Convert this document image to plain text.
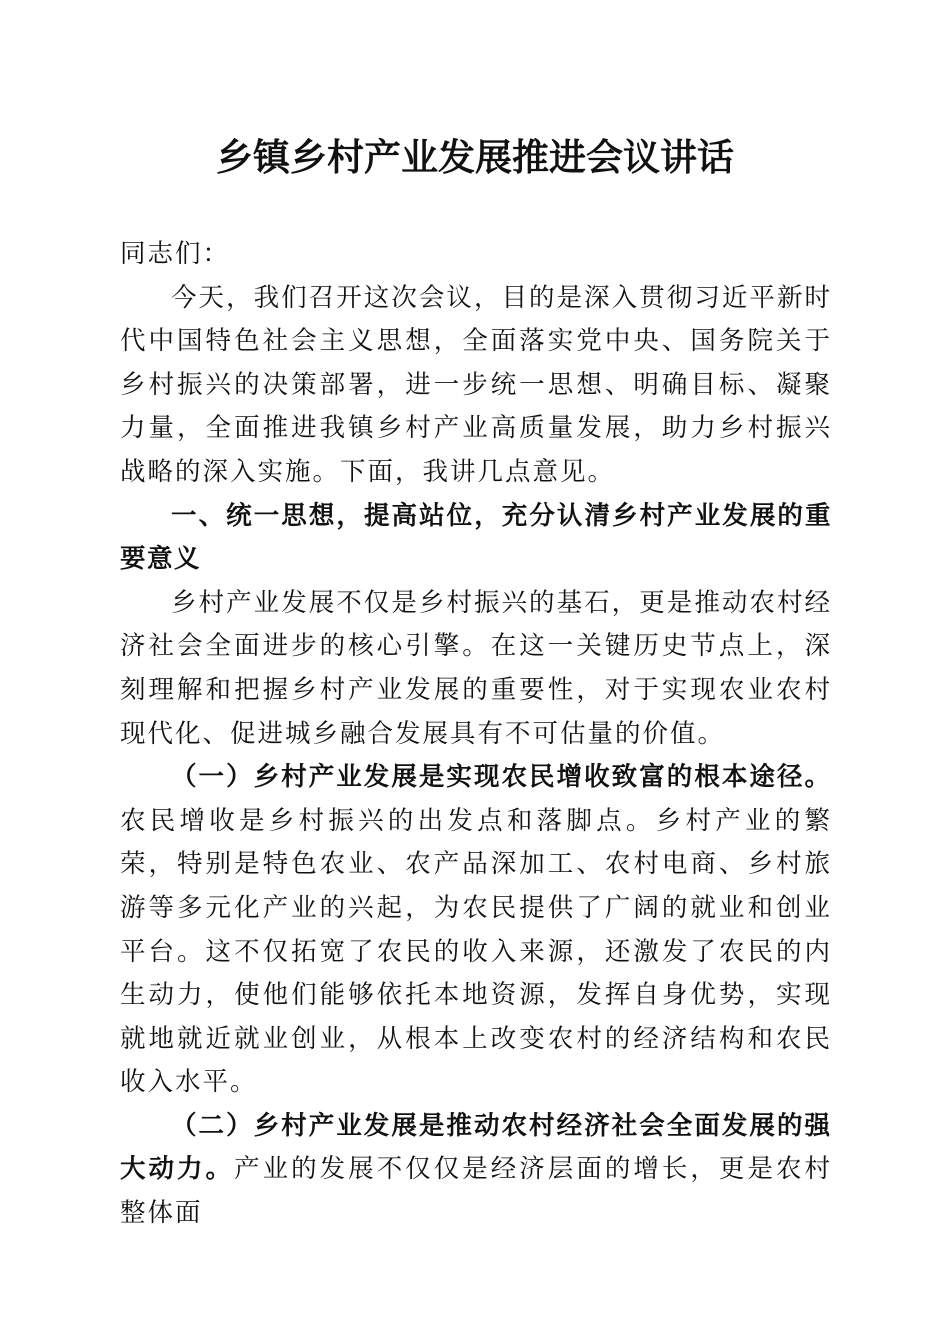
乡镇乡村产业发展推进会议讲话

同志们：

今天，我们召开这次会议，目的是深入贯彻习近平新时代中国特色社会主义思想，全面落实党中央、国务院关于乡村振兴的决策部署，进一步统一思想、明确目标、凝聚力量，全面推进我镇乡村产业高质量发展，助力乡村振兴战略的深入实施。下面，我讲几点意见。

一、统一思想，提高站位，充分认清乡村产业发展的重要意义

乡村产业发展不仅是乡村振兴的基石，更是推动农村经济社会全面进步的核心引擎。在这一关键历史节点上，深刻理解和把握乡村产业发展的重要性，对于实现农业农村现代化、促进城乡融合发展具有不可估量的价值。

（一）乡村产业发展是实现农民增收致富的根本途径。农民增收是乡村振兴的出发点和落脚点。乡村产业的繁荣，特别是特色农业、农产品深加工、农村电商、乡村旅游等多元化产业的兴起，为农民提供了广阔的就业和创业平台。这不仅拓宽了农民的收入来源，还激发了农民的内生动力，使他们能够依托本地资源，发挥自身优势，实现就地就近就业创业，从根本上改变农村的经济结构和农民收入水平。

（二）乡村产业发展是推动农村经济社会全面发展的强大动力。产业的发展不仅仅是经济层面的增长，更是农村整体面
